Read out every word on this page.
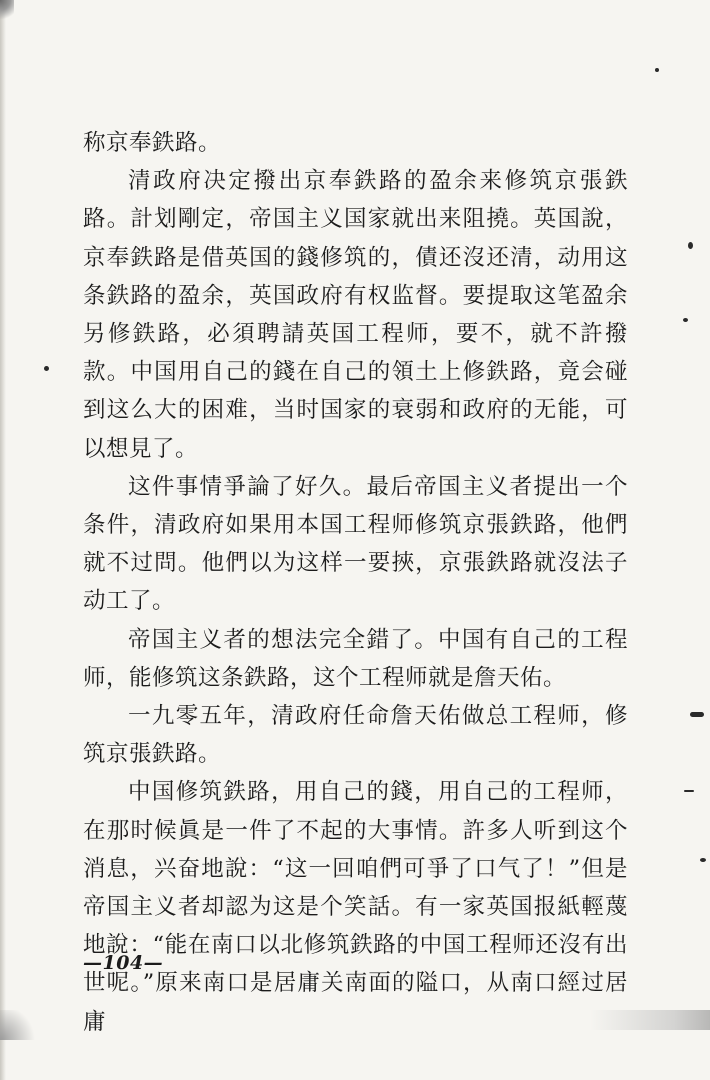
称京奉鉄路。

清政府决定撥出京奉鉄路的盈余来修筑京張鉄路。計划剛定，帝国主义国家就出来阻撓。英国說，京奉鉄路是借英国的錢修筑的，債还沒还清，动用这条鉄路的盈余，英国政府有权监督。要提取这笔盈余另修鉄路，必須聘請英国工程师，要不，就不許撥款。中国用自己的錢在自己的領土上修鉄路，竟会碰到这么大的困难，当时国家的衰弱和政府的无能，可以想見了。

这件事情爭論了好久。最后帝国主义者提出一个条件，清政府如果用本国工程师修筑京張鉄路，他們就不过問。他們以为这样一要挾，京張鉄路就沒法子动工了。

帝国主义者的想法完全錯了。中国有自己的工程师，能修筑这条鉄路，这个工程师就是詹天佑。

一九零五年，清政府任命詹天佑做总工程师，修筑京張鉄路。

中国修筑鉄路，用自己的錢，用自己的工程师，在那时候眞是一件了不起的大事情。許多人听到这个消息，兴奋地說：“这一回咱們可爭了口气了！”但是帝国主义者却認为这是个笑話。有一家英国报紙輕蔑地說：“能在南口以北修筑鉄路的中国工程师还沒有出世呢。”原来南口是居庸关南面的隘口，从南口經过居庸

—104—
